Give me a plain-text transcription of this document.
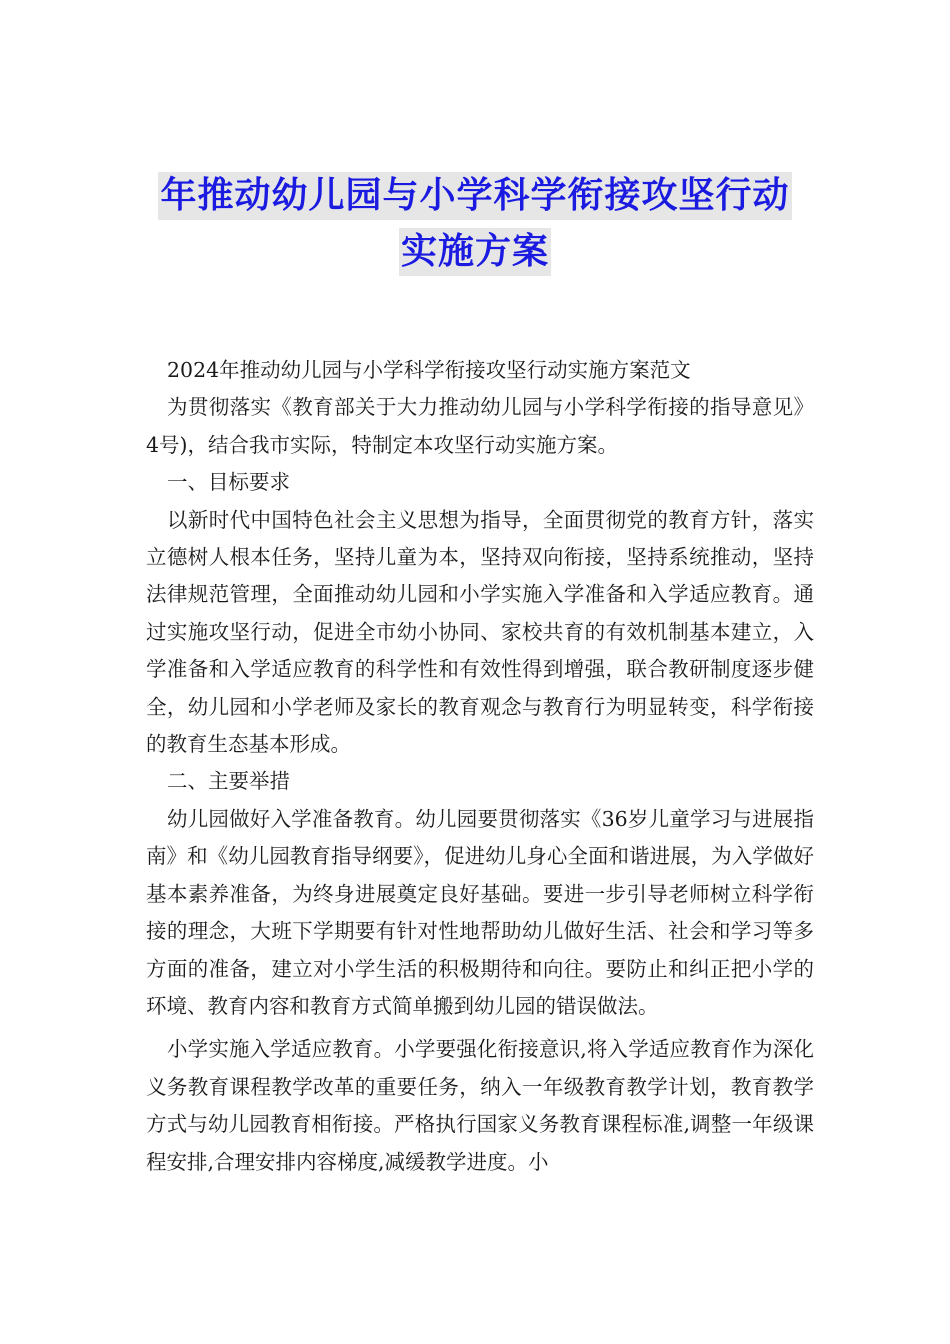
年推动幼儿园与小学科学衔接攻坚行动
实施方案

2024年推动幼儿园与小学科学衔接攻坚行动实施方案范文

为贯彻落实《教育部关于大力推动幼儿园与小学科学衔接的指导意见》4号)，结合我市实际，特制定本攻坚行动实施方案。

一、目标要求

以新时代中国特色社会主义思想为指导，全面贯彻党的教育方针，落实立德树人根本任务，坚持儿童为本，坚持双向衔接，坚持系统推动，坚持法律规范管理，全面推动幼儿园和小学实施入学准备和入学适应教育。通过实施攻坚行动，促进全市幼小协同、家校共育的有效机制基本建立，入学准备和入学适应教育的科学性和有效性得到增强，联合教研制度逐步健全，幼儿园和小学老师及家长的教育观念与教育行为明显转变，科学衔接的教育生态基本形成。

二、主要举措

幼儿园做好入学准备教育。幼儿园要贯彻落实《36岁儿童学习与进展指南》和《幼儿园教育指导纲要》，促进幼儿身心全面和谐进展，为入学做好基本素养准备，为终身进展奠定良好基础。要进一步引导老师树立科学衔接的理念，大班下学期要有针对性地帮助幼儿做好生活、社会和学习等多方面的准备，建立对小学生活的积极期待和向往。要防止和纠正把小学的环境、教育内容和教育方式简单搬到幼儿园的错误做法。

小学实施入学适应教育。小学要强化衔接意识,将入学适应教育作为深化义务教育课程教学改革的重要任务，纳入一年级教育教学计划，教育教学方式与幼儿园教育相衔接。严格执行国家义务教育课程标准,调整一年级课程安排,合理安排内容梯度,减缓教学进度。小
